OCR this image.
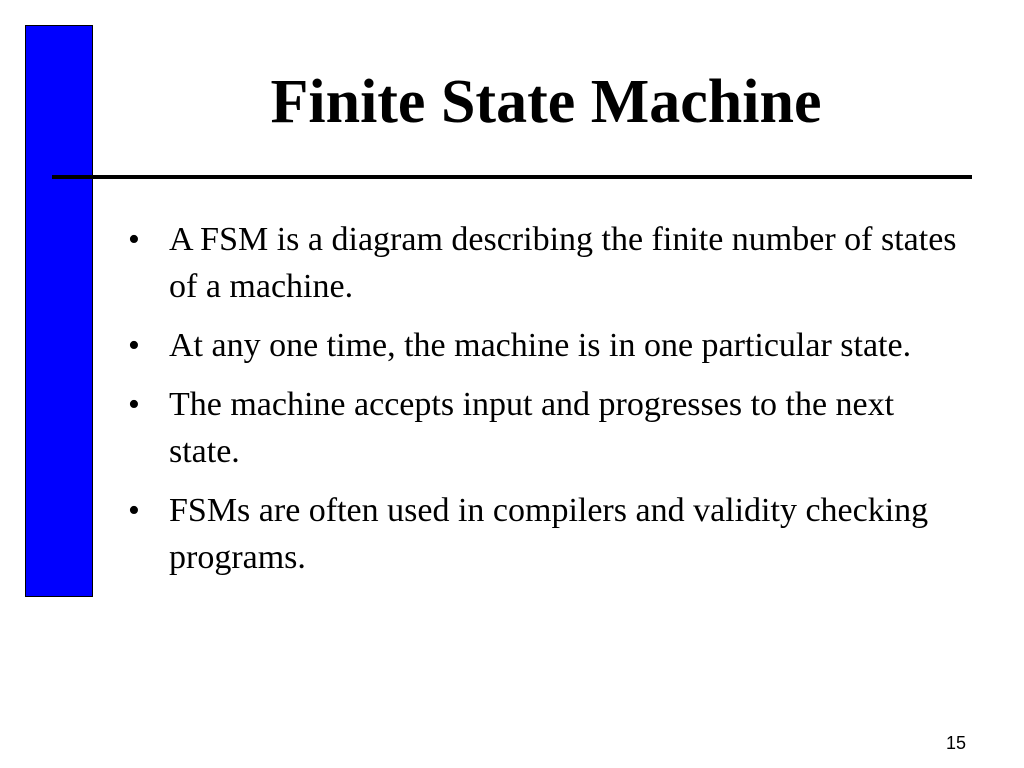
Finite State Machine
• A FSM is a diagram describing the finite number of states of a machine.
• At any one time, the machine is in one particular state.
• The machine accepts input and progresses to the next state.
• FSMs are often used in compilers and validity checking programs.
15
